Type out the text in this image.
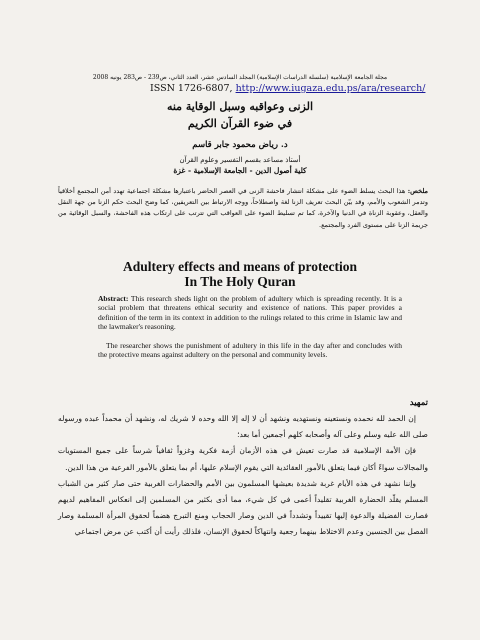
مجلة الجامعة الإسلامية (سلسلة الدراسات الإسلامية) المجلد السادس عشر، العدد الثاني، ص239 - ص283 يونيه 2008
ISSN 1726-6807, http://www.iugaza.edu.ps/ara/research/
الزنى وعواقبه وسبل الوقاية منه
في ضوء القرآن الكريم
د. رياض محمود جابر قاسم
أستاذ مساعد بقسم التفسير وعلوم القرآن
كلية أصول الدين - الجامعة الإسلامية - غزة
ملخص: هذا البحث يسلط الضوء على مشكلة انتشار فاحشة الزنى في العصر الحاضر باعتبارها مشكلة اجتماعية تهدد أمن المجتمع أخلاقياً وتدمر الشعوب والأمم، وقد بيّن البحث تعريف الزنا لغة واصطلاحاً، ووجه الارتباط بين التعريفين، كما وضح البحث حكم الزنا من جهة النقل والعقل، وعقوبة الزناة في الدنيا والآخرة، كما تم تسليط الضوء على العواقب التي تترتب على ارتكاب هذه الفاحشة، والسبل الوقائية من جريمة الزنا على مستوى الفرد والمجتمع.
Adultery effects and means of protection
In The Holy Quran
Abstract: This research sheds light on the problem of adultery which is spreading recently. It is a social problem that threatens ethical security and existence of nations. This paper provides a definition of the term in its context in addition to the rulings related to this crime in Islamic law and the lawmaker's reasoning.
The researcher shows the punishment of adultery in this life in the day after and concludes with the protective means against adultery on the personal and community levels.
تمهيد

إن الحمد لله نحمده ونستعينه ونستهديه ونشهد أن لا إله إلا الله وحده لا شريك له، ونشهد أن محمداً عبده ورسوله صلى الله عليه وسلم وعلى آله وأصحابه كلهم أجمعين أما بعد؛

فإن الأمة الإسلامية قد صارت تعيش في هذه الأزمان أزمة فكرية وغزواً ثقافياً شرساً على جميع المستويات والمجالات سواءً أكان فيما يتعلق بالأمور العقائدية التي يقوم الإسلام عليها، أم بما يتعلق بالأمور الفرعية من هذا الدين.

وإننا نشهد في هذه الأيام غربة شديدة بعيشها المسلمون بين الأمم والحضارات الغربية حتى صار كثير من الشباب المسلم يقلّد الحضارة الغربية تقليداً أعمى في كل شيء، مما أدى بكثير من المسلمين إلى انعكاس المفاهيم لديهم فصارت الفضيلة والدعوة إليها تقييداً وتشدداً في الدين وصار الحجاب ومنع التبرج هضماً لحقوق المرأة المسلمة وصار الفصل بين الجنسين وعدم الاختلاط بينهما رجعية وانتهاكاً لحقوق الإنسان، فلذلك رأيت أن أكتب عن مرض اجتماعي
